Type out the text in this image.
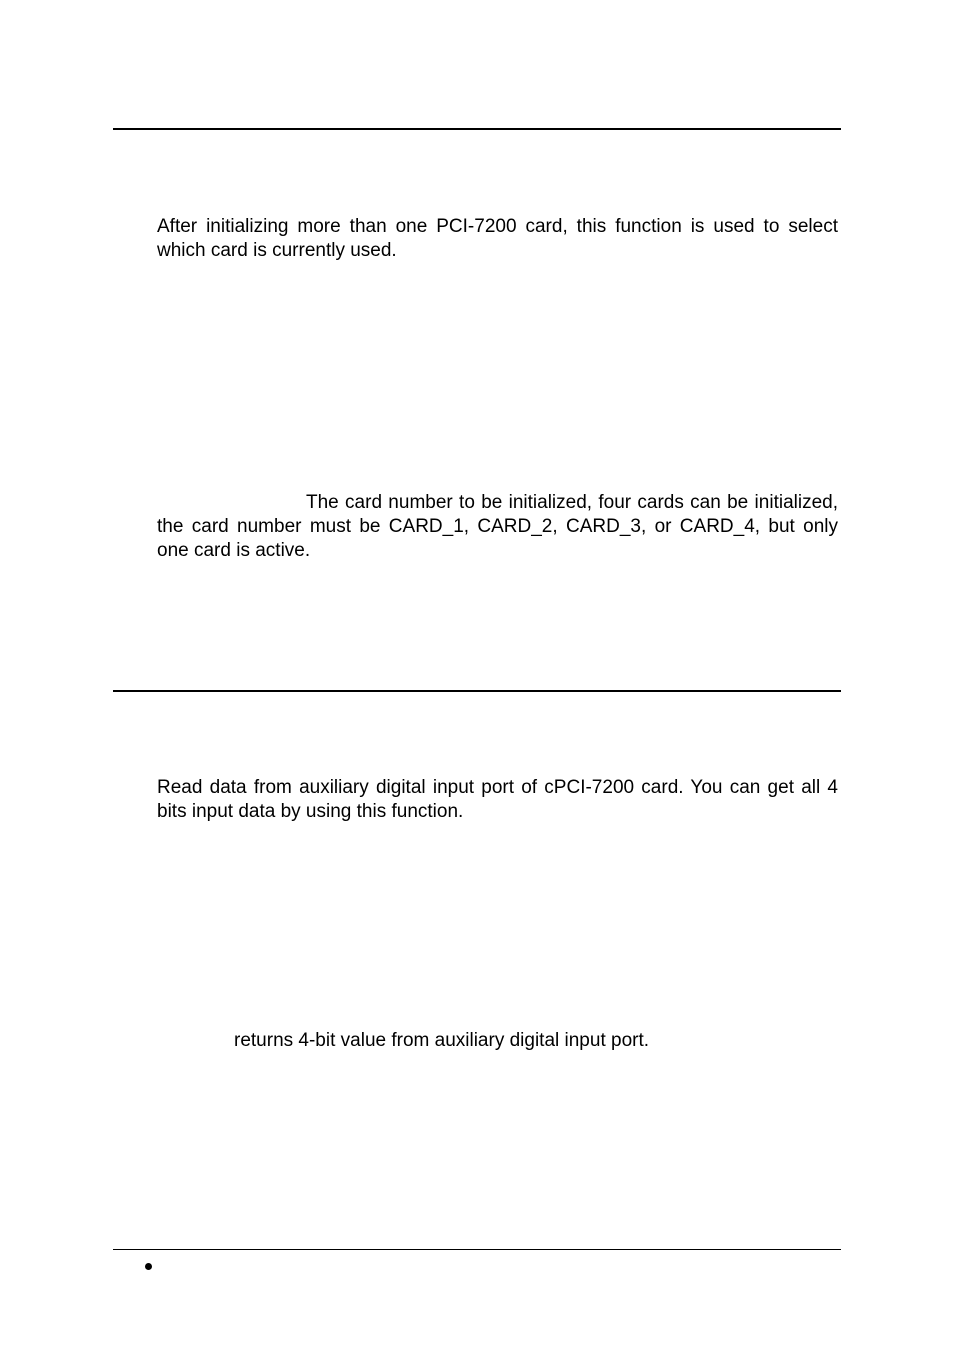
After initializing more than one PCI-7200 card, this function is used to select which card is currently used.

The card number to be initialized, four cards can be initialized, the card number must be CARD_1, CARD_2, CARD_3, or CARD_4, but only one card is active.

Read data from auxiliary digital input port of cPCI-7200 card. You can get all 4 bits input data by using this function.

returns 4-bit value from auxiliary digital input port.
